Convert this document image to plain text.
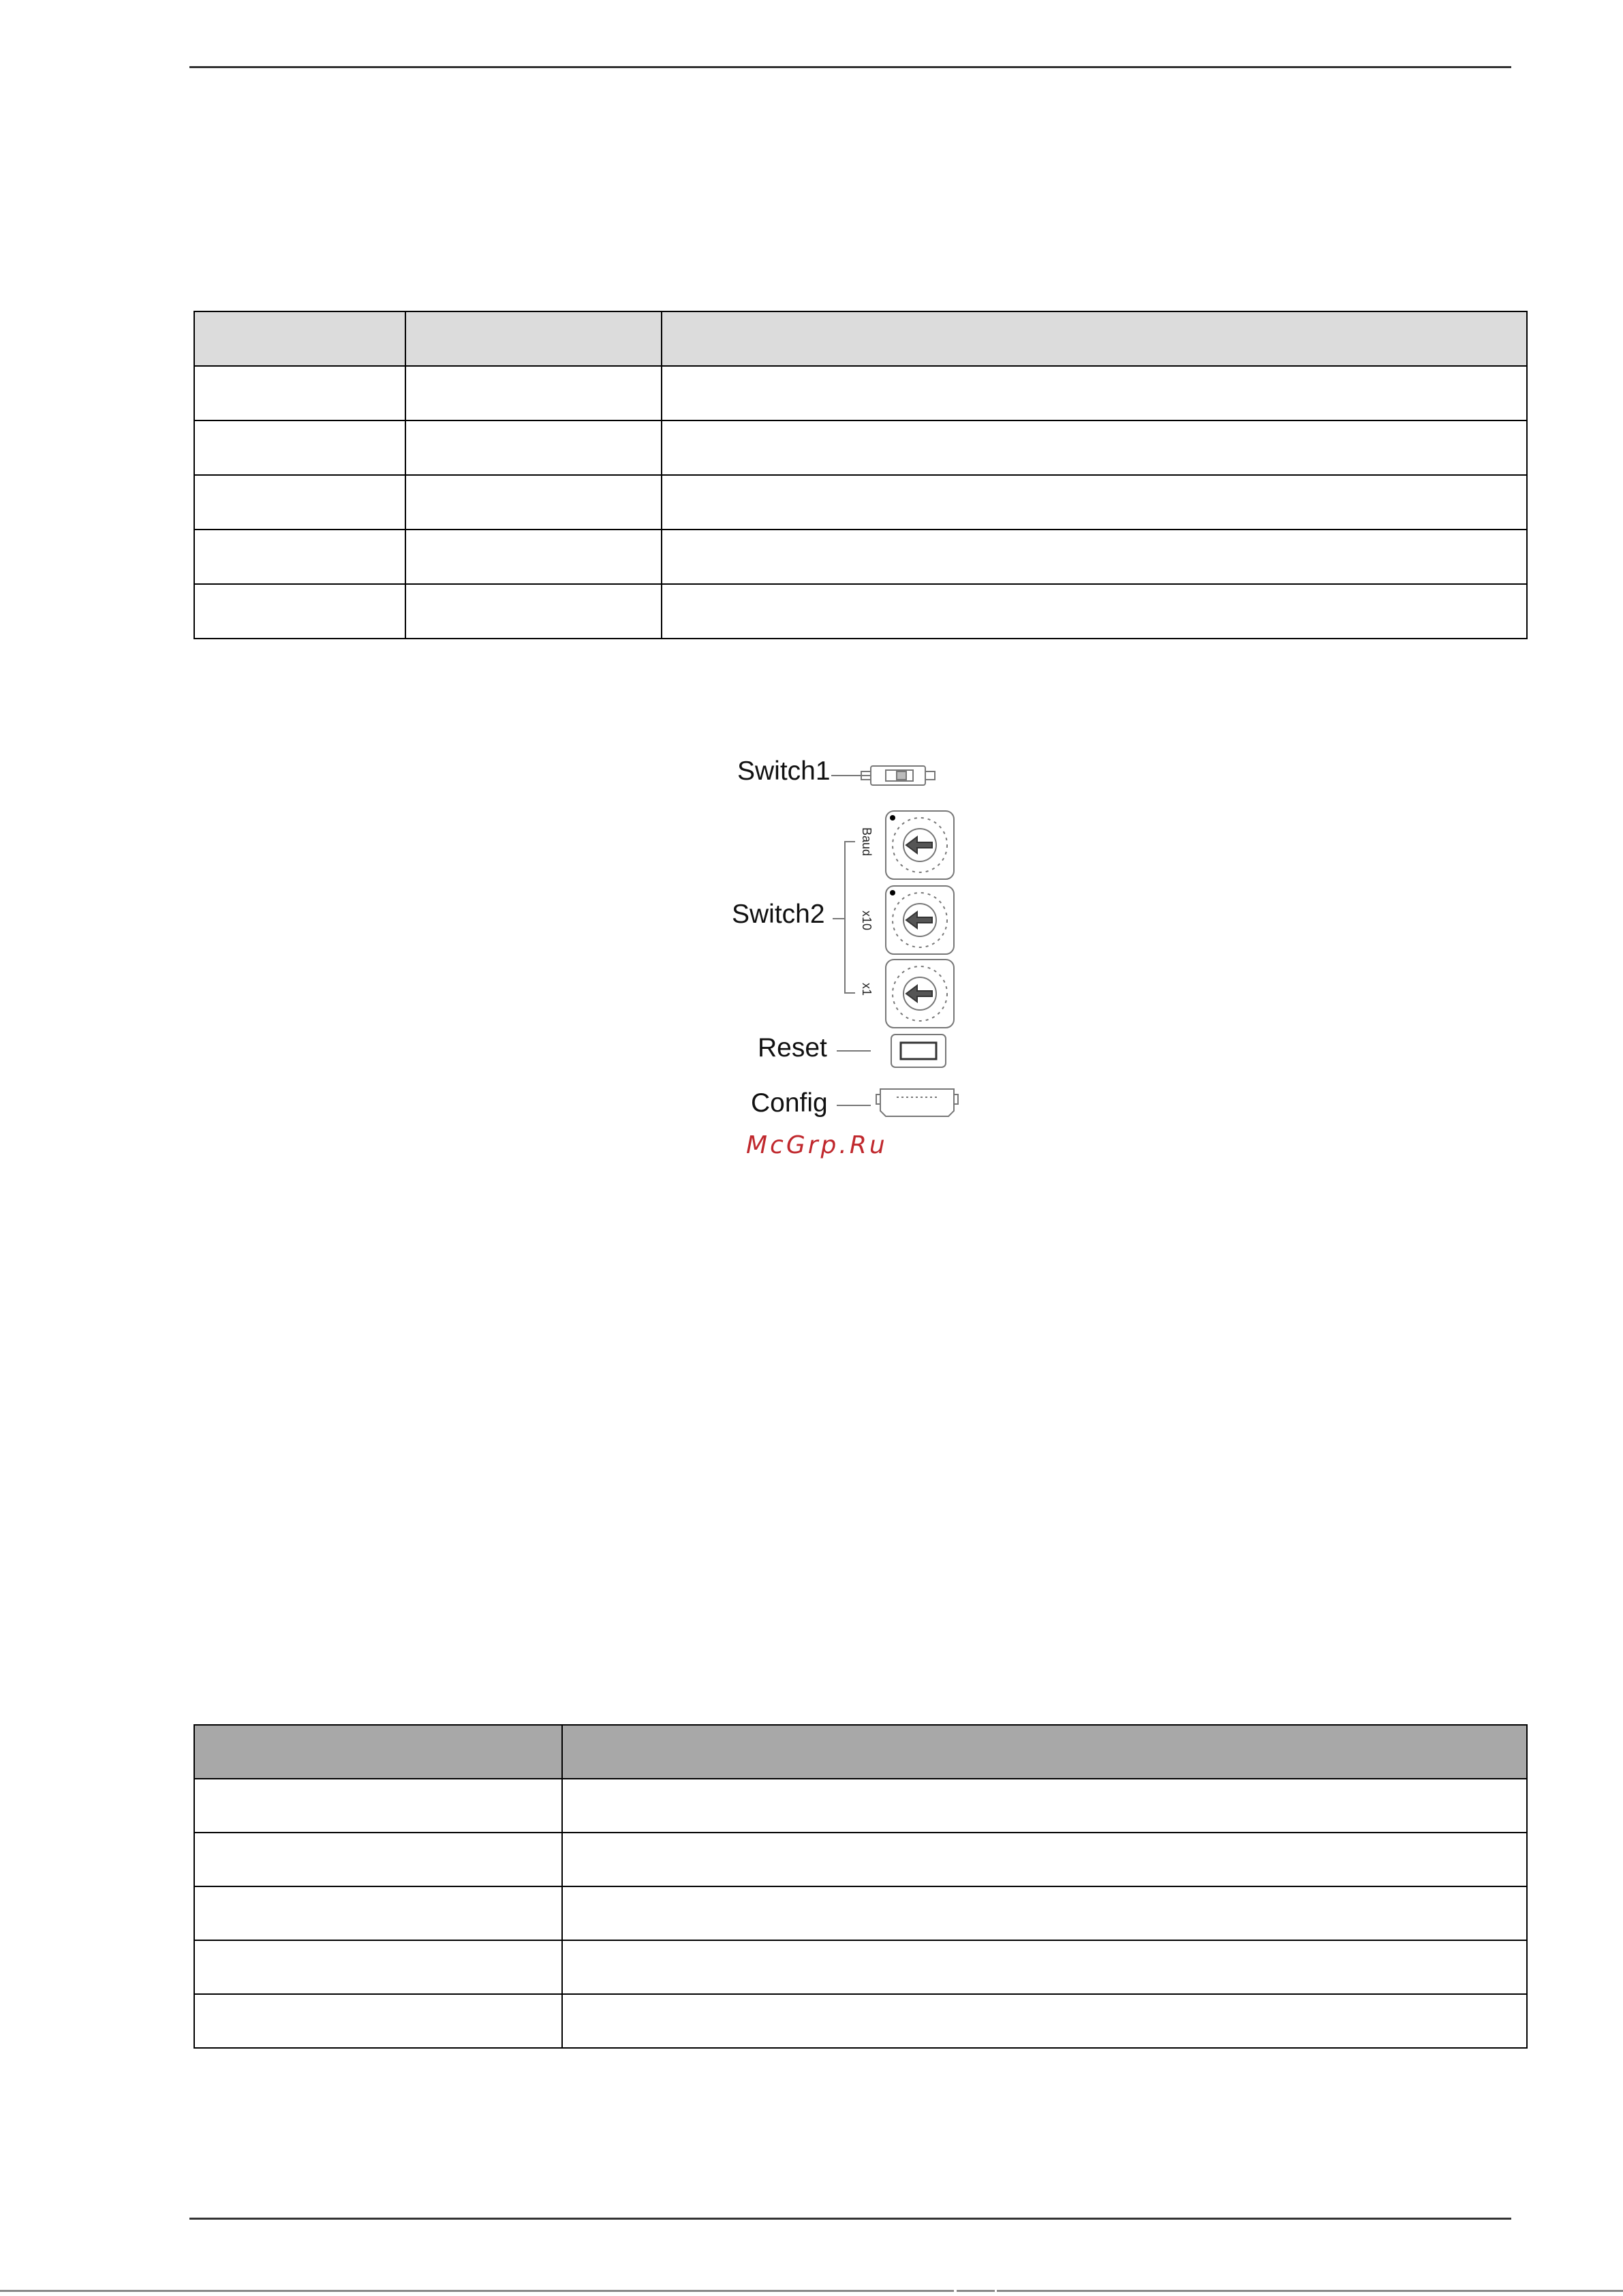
Switch1
Switch2
Reset
Config
Baud
x10
x1
McGrp.Ru
